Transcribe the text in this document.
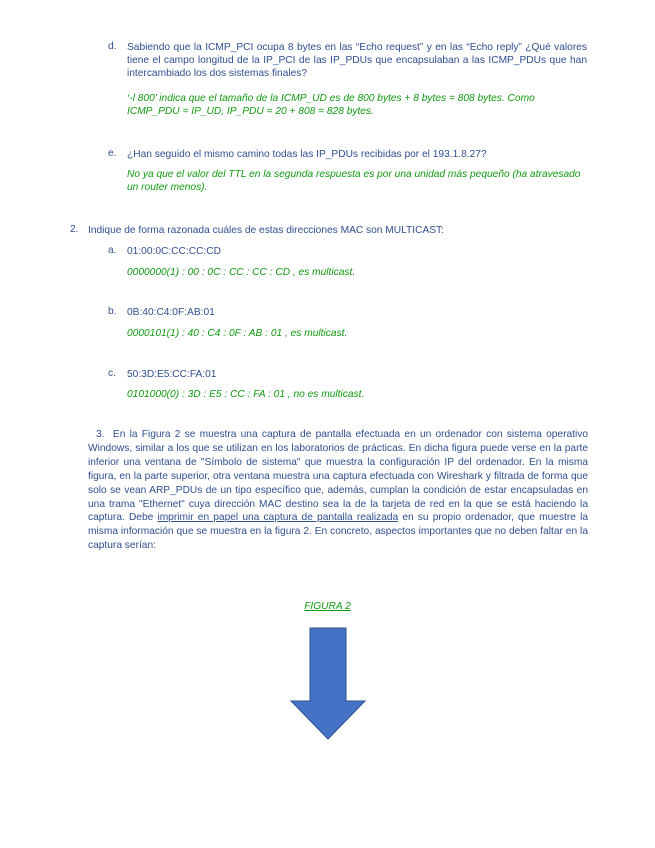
d. Sabiendo que la ICMP_PCI ocupa 8 bytes en las “Echo request” y en las “Echo reply” ¿Qué valores tiene el campo longitud de la IP_PCI de las IP_PDUs que encapsulaban a las ICMP_PDUs que han intercambiado los dos sistemas finales?
‘-l 800’ indica que el tamaño de la ICMP_UD es de 800 bytes + 8 bytes = 808 bytes. Como ICMP_PDU = IP_UD, IP_PDU = 20 + 808 = 828 bytes.
e. ¿Han seguido el mismo camino todas las IP_PDUs recibidas por el 193.1.8.27?
No ya que el valor del TTL en la segunda respuesta es por una unidad más pequeño (ha atravesado un router menos).
2. Indique de forma razonada cuáles de estas direcciones MAC son MULTICAST:
a. 01:00:0C:CC:CC:CD
0000000(1) : 00 : 0C : CC : CC : CD , es multicast.
b. 0B:40:C4:0F:AB:01
0000101(1) : 40 : C4 : 0F : AB : 01 , es multicast.
c. 50:3D:E5:CC:FA:01
0101000(0) : 3D : E5 : CC : FA : 01 , no es multicast.
3. En la Figura 2 se muestra una captura de pantalla efectuada en un ordenador con sistema operativo Windows, similar a los que se utilizan en los laboratorios de prácticas. En dicha figura puede verse en la parte inferior una ventana de "Símbolo de sistema" que muestra la configuración IP del ordenador. En la misma figura, en la parte superior, otra ventana muestra una captura efectuada con Wireshark y filtrada de forma que solo se vean ARP_PDUs de un tipo específico que, además, cumplan la condición de estar encapsuladas en una trama "Ethernet" cuya dirección MAC destino sea la de la tarjeta de red en la que se está haciendo la captura. Debe imprimir en papel una captura de pantalla realizada en su propio ordenador, que muestre la misma información que se muestra en la figura 2. En concreto, aspectos importantes que no deben faltar en la captura serían:
FIGURA 2
